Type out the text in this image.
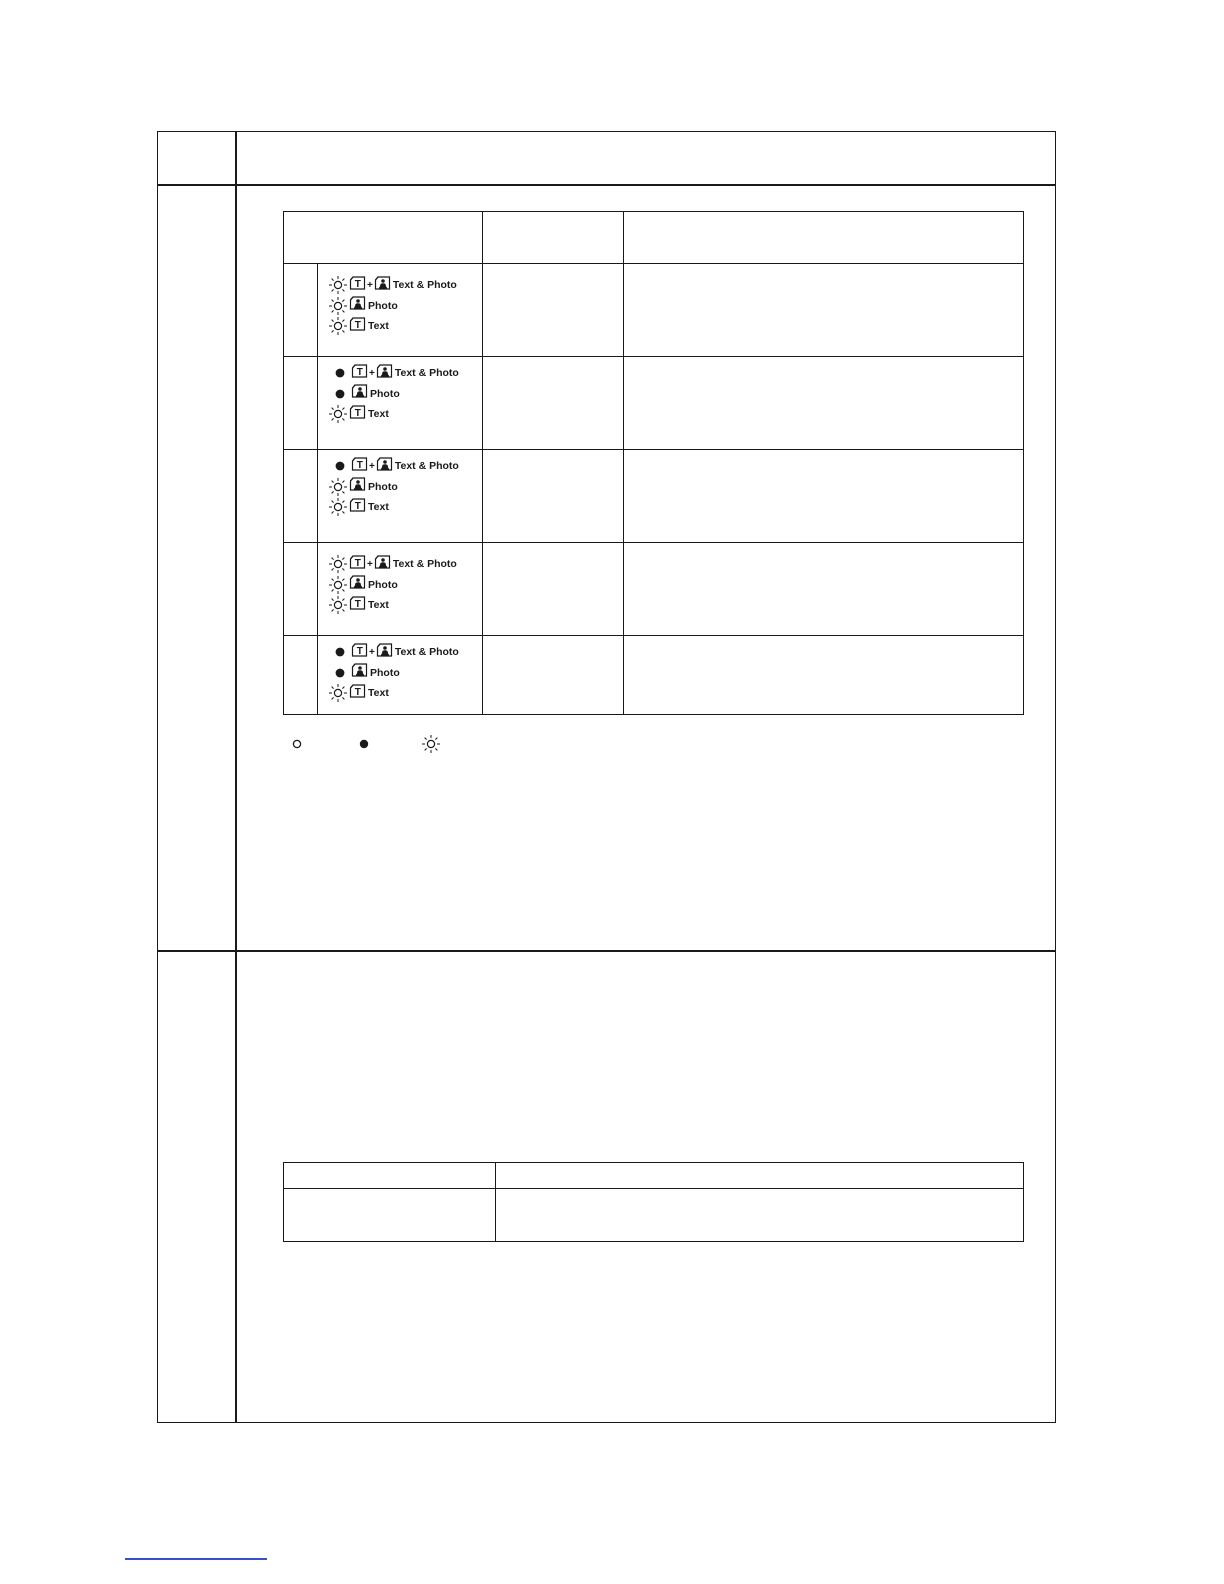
T + Text & Photo
Photo
T Text
T + Text & Photo
Photo
T Text
T + Text & Photo
Photo
T Text
T + Text & Photo
Photo
T Text
T + Text & Photo
Photo
T Text
